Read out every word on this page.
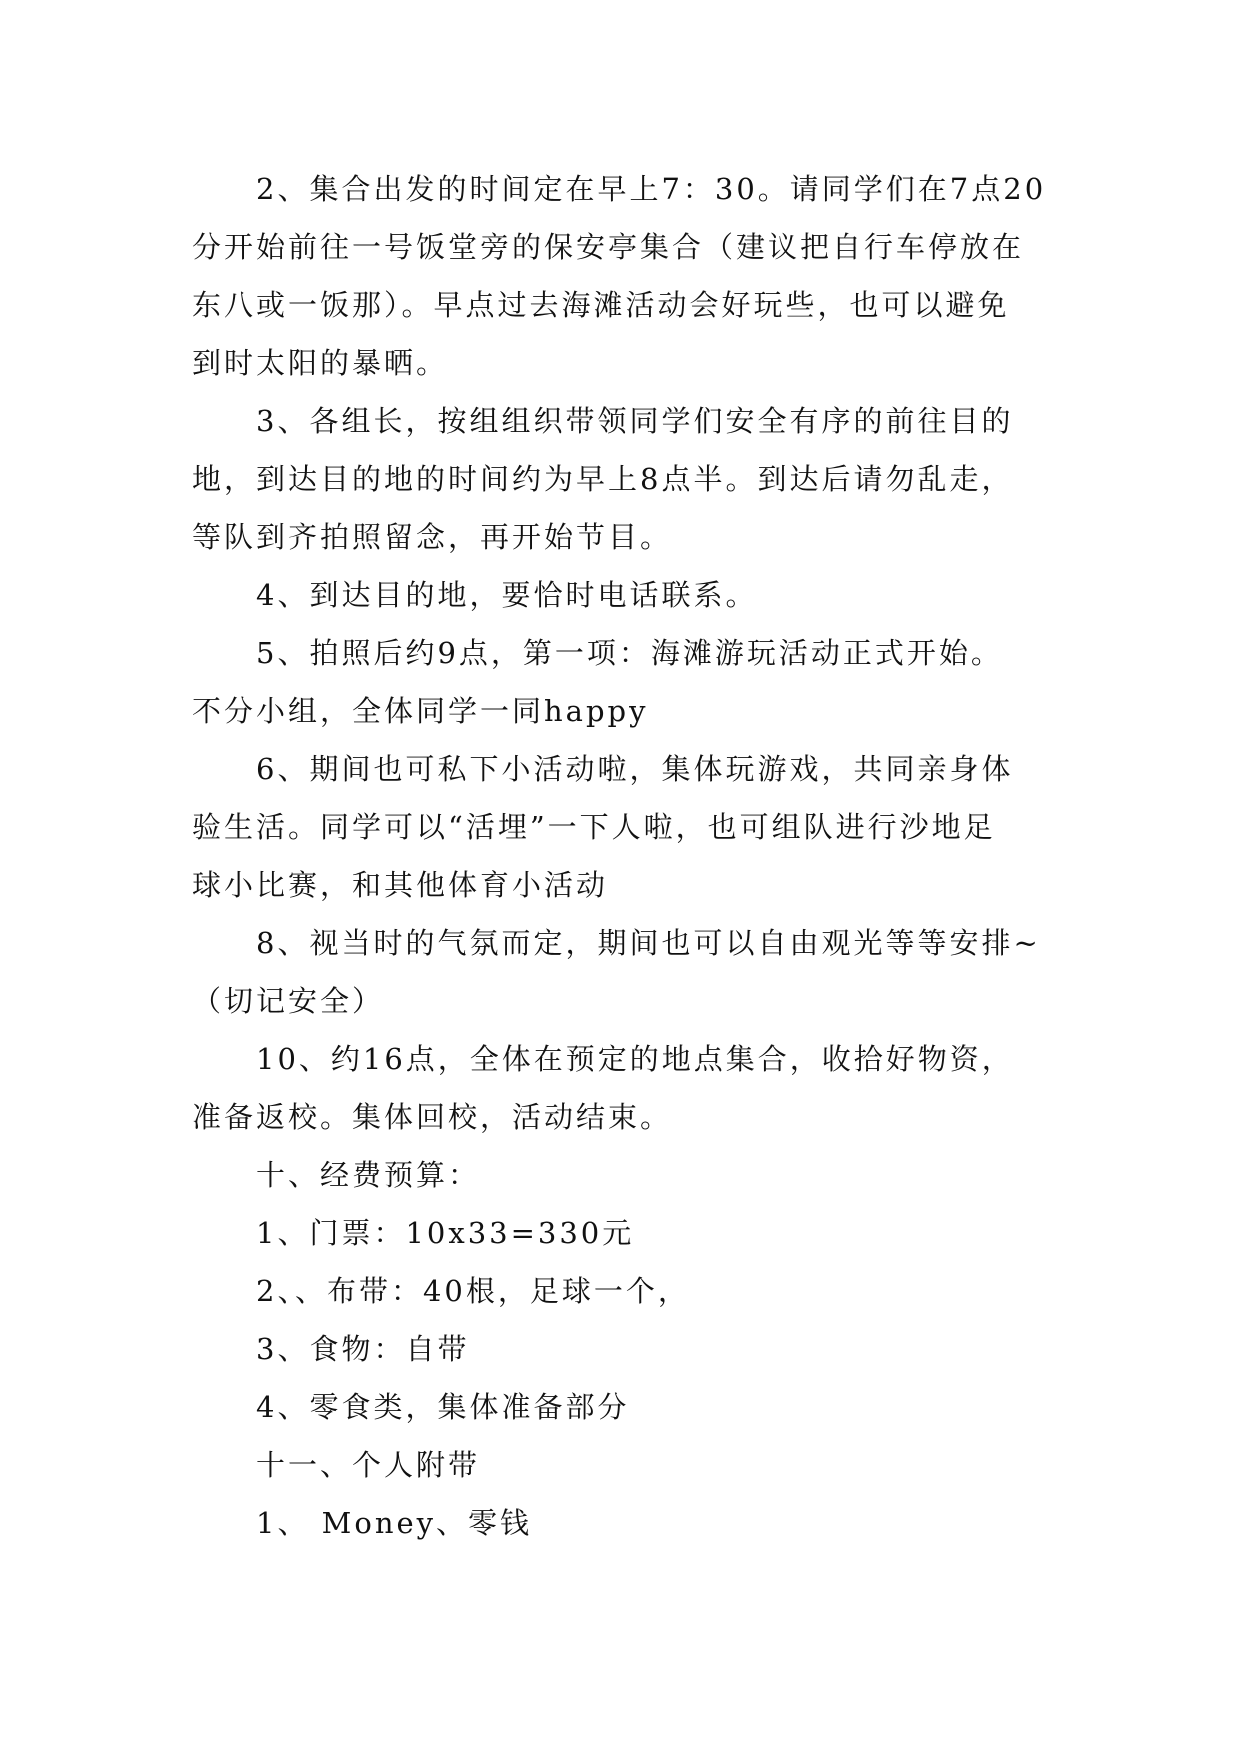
2、集合出发的时间定在早上7：30。请同学们在7点20
分开始前往一号饭堂旁的保安亭集合（建议把自行车停放在
东八或一饭那）。早点过去海滩活动会好玩些，也可以避免
到时太阳的暴晒。
3、各组长，按组组织带领同学们安全有序的前往目的
地，到达目的地的时间约为早上8点半。到达后请勿乱走，
等队到齐拍照留念，再开始节目。
4、到达目的地，要恰时电话联系。
5、拍照后约9点，第一项：海滩游玩活动正式开始。
不分小组，全体同学一同happy
6、期间也可私下小活动啦，集体玩游戏，共同亲身体
验生活。同学可以“活埋”一下人啦，也可组队进行沙地足
球小比赛，和其他体育小活动
8、视当时的气氛而定，期间也可以自由观光等等安排~
（切记安全）
10、约16点，全体在预定的地点集合，收拾好物资，
准备返校。集体回校，活动结束。
十、经费预算：
1、门票：10x33=330元
2、、布带：40根，足球一个，
3、食物：自带
4、零食类，集体准备部分
十一、个人附带
1、 Money、零钱
